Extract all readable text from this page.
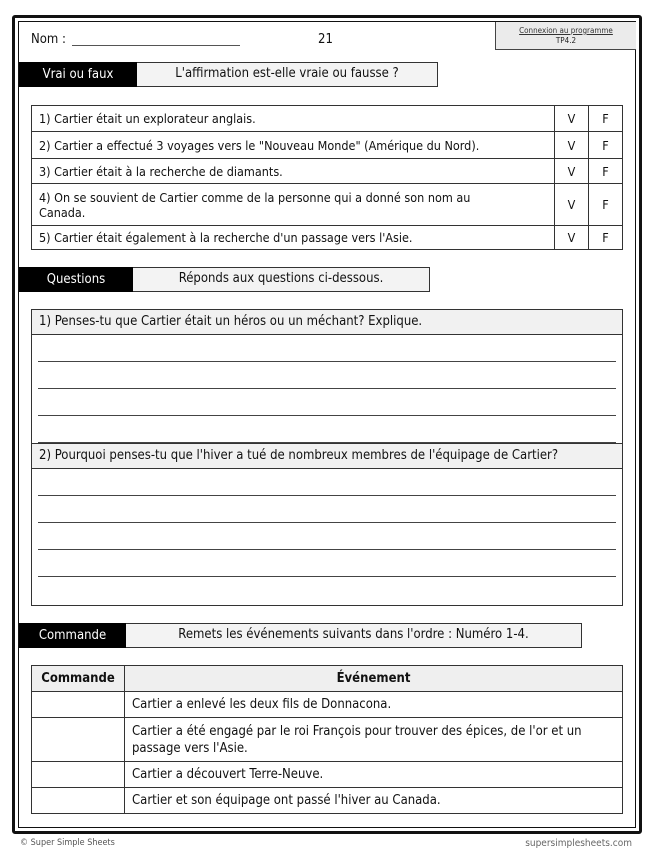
Nom :	21
Connexion au programme
TP4.2
Vrai ou faux	L'affirmation est-elle vraie ou fausse ?
1) Cartier était un explorateur anglais.	V	F
2) Cartier a effectué 3 voyages vers le "Nouveau Monde" (Amérique du Nord).	V	F
3) Cartier était à la recherche de diamants.	V	F
4) On se souvient de Cartier comme de la personne qui a donné son nom au Canada.	V	F
5) Cartier était également à la recherche d'un passage vers l'Asie.	V	F
Questions	Réponds aux questions ci-dessous.
1) Penses-tu que Cartier était un héros ou un méchant? Explique.
2) Pourquoi penses-tu que l'hiver a tué de nombreux membres de l'équipage de Cartier?
Commande	Remets les événements suivants dans l'ordre : Numéro 1-4.
Commande	Événement
	Cartier a enlevé les deux fils de Donnacona.
	Cartier a été engagé par le roi François pour trouver des épices, de l'or et un passage vers l'Asie.
	Cartier a découvert Terre-Neuve.
	Cartier et son équipage ont passé l'hiver au Canada.
© Super Simple Sheets	supersimplesheets.com
